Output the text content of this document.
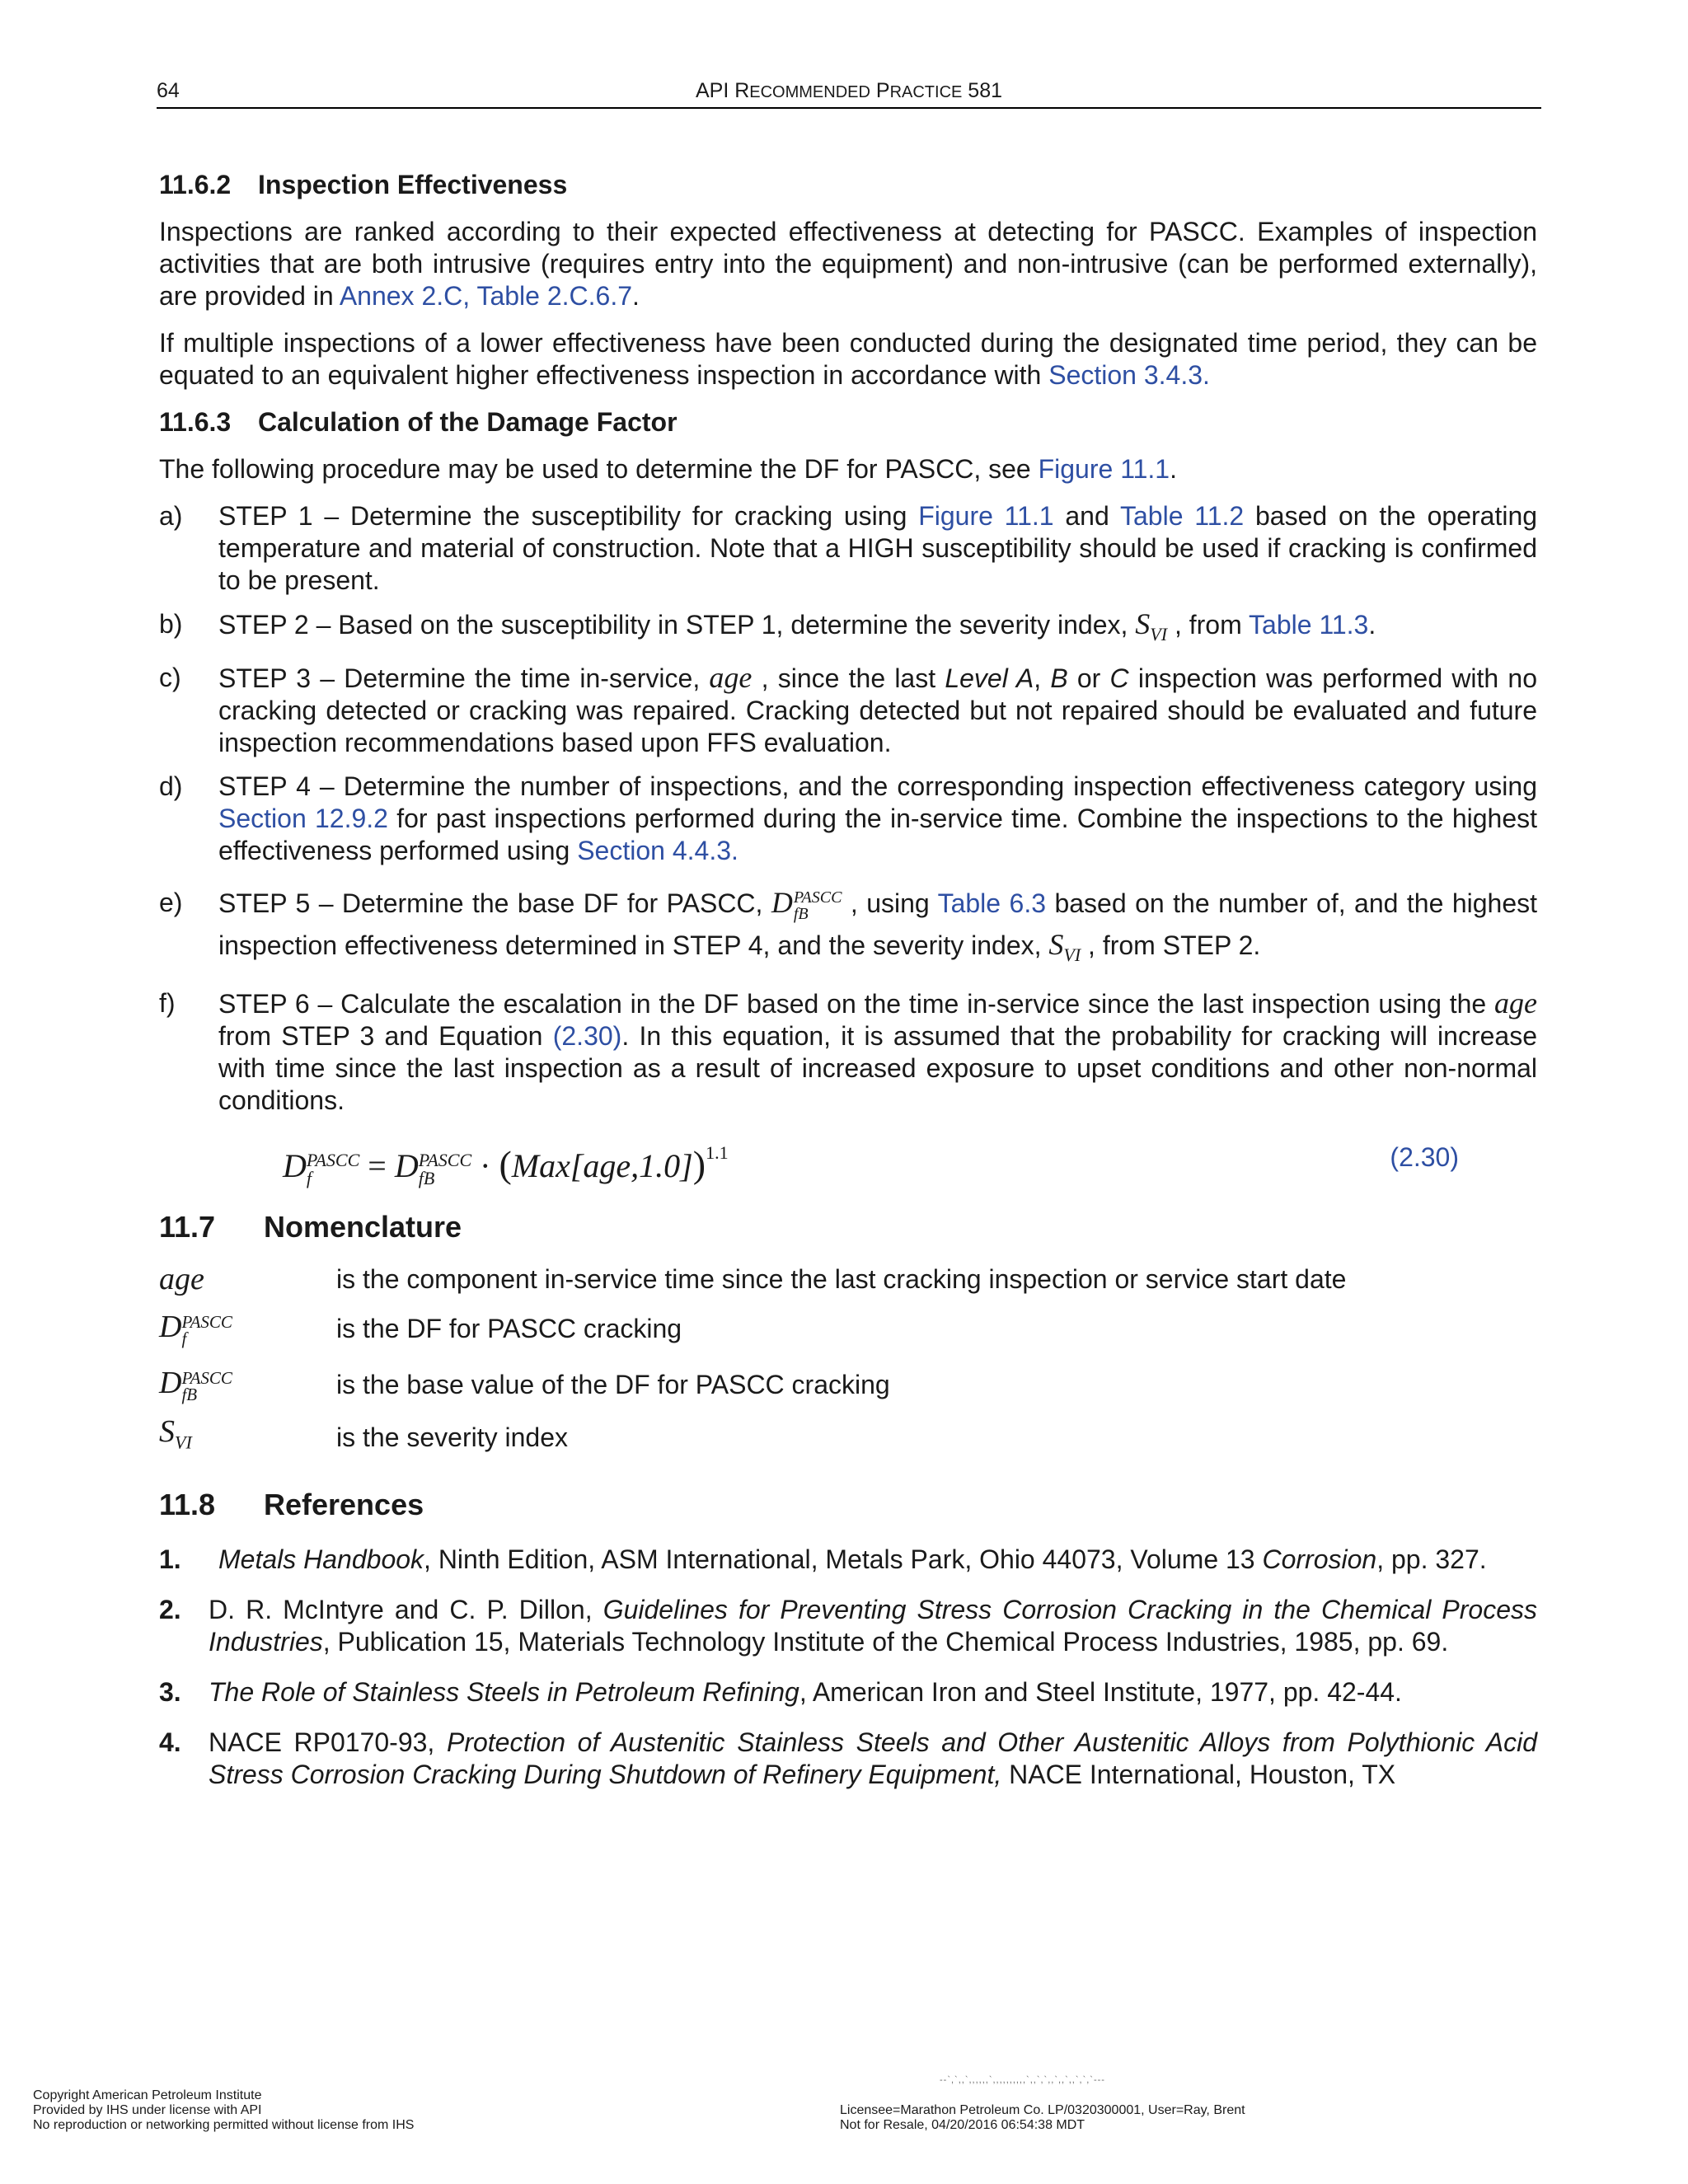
64	API RECOMMENDED PRACTICE 581
11.6.2 Inspection Effectiveness

Inspections are ranked according to their expected effectiveness at detecting for PASCC. Examples of inspection activities that are both intrusive (requires entry into the equipment) and non-intrusive (can be performed externally), are provided in Annex 2.C, Table 2.C.6.7.

If multiple inspections of a lower effectiveness have been conducted during the designated time period, they can be equated to an equivalent higher effectiveness inspection in accordance with Section 3.4.3.

11.6.3 Calculation of the Damage Factor

The following procedure may be used to determine the DF for PASCC, see Figure 11.1.

a) STEP 1 – Determine the susceptibility for cracking using Figure 11.1 and Table 11.2 based on the operating temperature and material of construction. Note that a HIGH susceptibility should be used if cracking is confirmed to be present.
b) STEP 2 – Based on the susceptibility in STEP 1, determine the severity index, $S_{VI}$ , from Table 11.3.
c) STEP 3 – Determine the time in-service, age , since the last Level A, B or C inspection was performed with no cracking detected or cracking was repaired. Cracking detected but not repaired should be evaluated and future inspection recommendations based upon FFS evaluation.
d) STEP 4 – Determine the number of inspections, and the corresponding inspection effectiveness category using Section 12.9.2 for past inspections performed during the in-service time. Combine the inspections to the highest effectiveness performed using Section 4.4.3.
e) STEP 5 – Determine the base DF for PASCC, D PASCC
fB	, using Table 6.3 based on the number of, and the highest inspection effectiveness determined in STEP 4, and the severity index, $S_{VI}$ , from STEP 2.
f) STEP 6 – Calculate the escalation in the DF based on the time in-service since the last inspection using the age from STEP 3 and Equation (2.30). In this equation, it is assumed that the probability for cracking will increase with time since the last inspection as a result of increased exposure to upset conditions and other non-normal conditions.
D PASCC
f	= D PASCC
fB	· $(Max[age,1.0])^{1.1}$	(2.30)
11.7 Nomenclature
age	is the component in-service time since the last cracking inspection or service start date
D PASCC
f	is the DF for PASCC cracking
D PASCC
fB	is the base value of the DF for PASCC cracking
$S_{VI}$	is the severity index
11.8 References
1. Metals Handbook, Ninth Edition, ASM International, Metals Park, Ohio 44073, Volume 13 Corrosion, pp. 327.
2. D. R. McIntyre and C. P. Dillon, Guidelines for Preventing Stress Corrosion Cracking in the Chemical Process Industries, Publication 15, Materials Technology Institute of the Chemical Process Industries, 1985, pp. 69.
3. The Role of Stainless Steels in Petroleum Refining, American Iron and Steel Institute, 1977, pp. 42-44.
4. NACE RP0170-93, Protection of Austenitic Stainless Steels and Other Austenitic Alloys from Polythionic Acid Stress Corrosion Cracking During Shutdown of Refinery Equipment, NACE International, Houston, TX
--`,`,,`,,,,,,`,,,,,,,,,,`,,`,`,,`,,`,,`,`,`---
Copyright American Petroleum Institute
Provided by IHS under license with API
No reproduction or networking permitted without license from IHS
Licensee=Marathon Petroleum Co. LP/0320300001, User=Ray, Brent
Not for Resale, 04/20/2016 06:54:38 MDT
